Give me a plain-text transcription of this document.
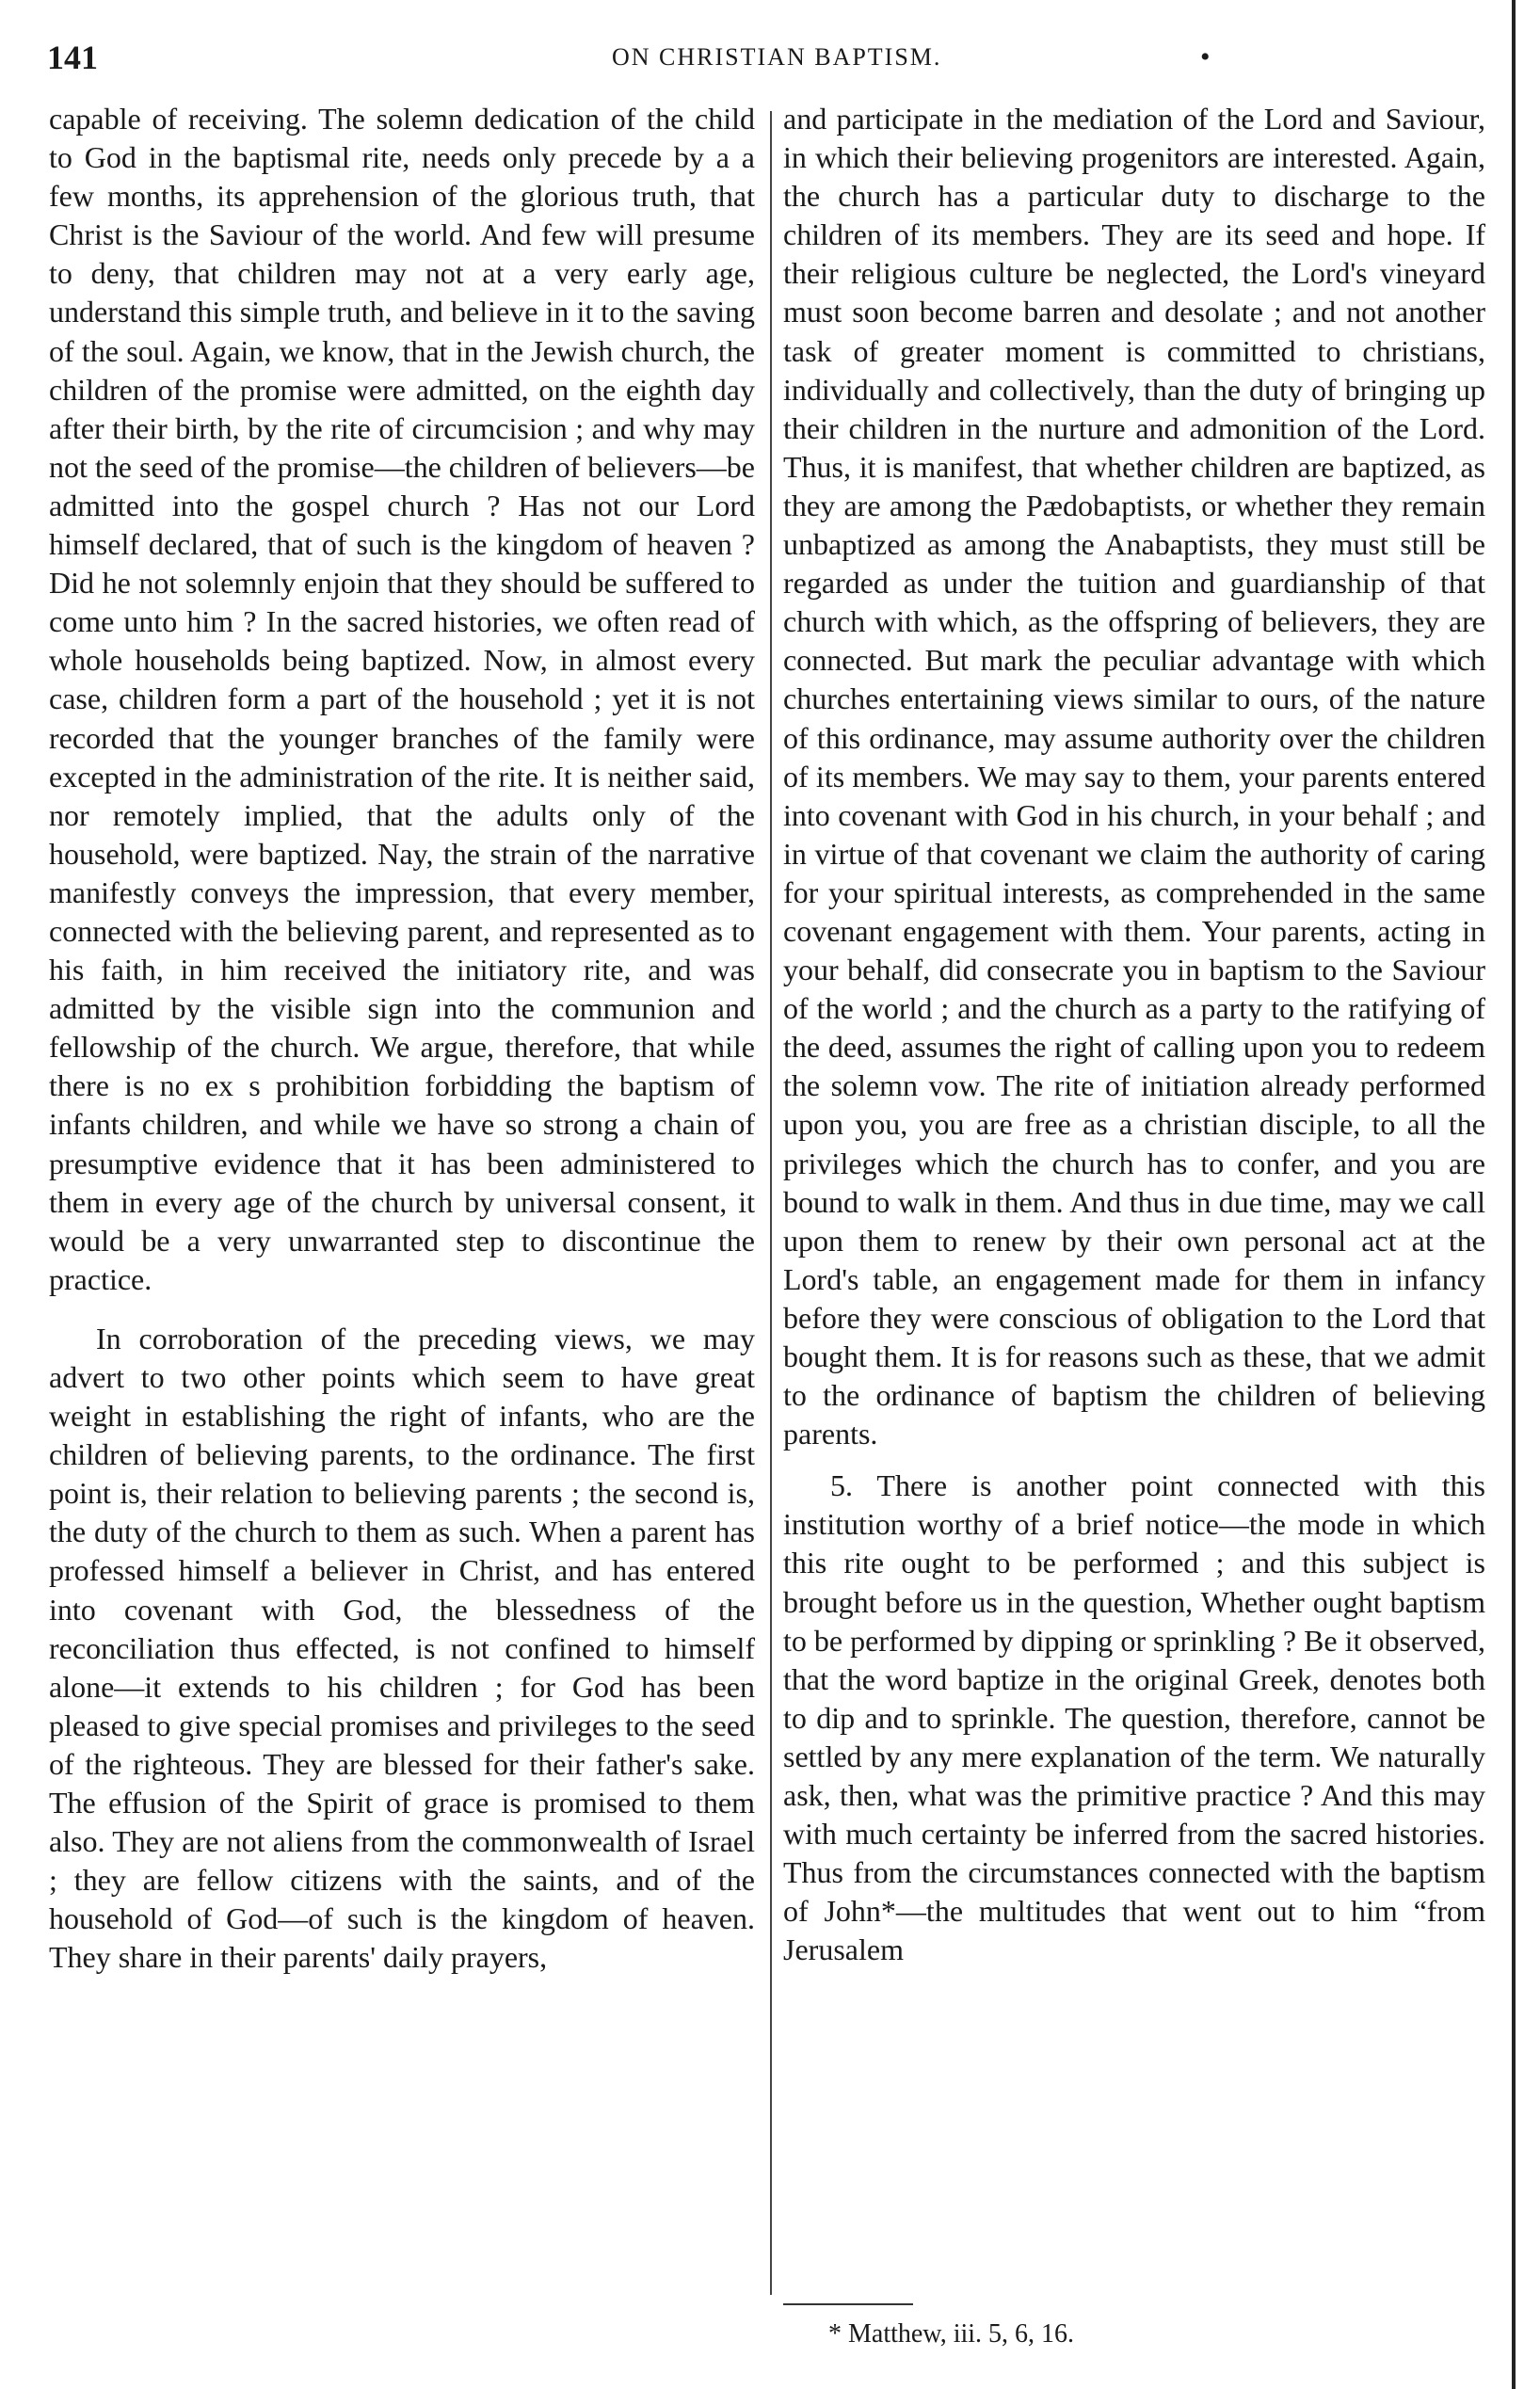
141	ON CHRISTIAN BAPTISM.	•

capable of receiving. The solemn dedication of the child to God in the baptismal rite, needs only precede by a a few months, its apprehension of the glorious truth, that Christ is the Saviour of the world. And few will presume to deny, that children may not at a very early age, understand this simple truth, and believe in it to the saving of the soul. Again, we know, that in the Jewish church, the children of the promise were admitted, on the eighth day after their birth, by the rite of circumcision ; and why may not the seed of the promise—the children of believers—be admitted into the gospel church ? Has not our Lord himself declared, that of such is the kingdom of heaven ? Did he not solemnly enjoin that they should be suffered to come unto him ? In the sacred histories, we often read of whole households being baptized. Now, in almost every case, children form a part of the household ; yet it is not recorded that the younger branches of the family were excepted in the administration of the rite. It is neither said, nor remotely implied, that the adults only of the household, were baptized. Nay, the strain of the narrative manifestly conveys the impression, that every member, connected with the believing parent, and represented as to his faith, in him received the initiatory rite, and was admitted by the visible sign into the communion and fellowship of the church. We argue, therefore, that while there is no ex s prohibition forbidding the baptism of infants children, and while we have so strong a chain of presumptive evidence that it has been administered to them in every age of the church by universal consent, it would be a very unwarranted step to discontinue the practice.

In corroboration of the preceding views, we may advert to two other points which seem to have great weight in establishing the right of infants, who are the children of believing parents, to the ordinance. The first point is, their relation to believing parents ; the second is, the duty of the church to them as such. When a parent has professed himself a believer in Christ, and has entered into covenant with God, the blessedness of the reconciliation thus effected, is not confined to himself alone—it extends to his children ; for God has been pleased to give special promises and privileges to the seed of the righteous. They are blessed for their father's sake. The effusion of the Spirit of grace is promised to them also. They are not aliens from the commonwealth of Israel ; they are fellow citizens with the saints, and of the household of God—of such is the kingdom of heaven. They share in their parents' daily prayers,

and participate in the mediation of the Lord and Saviour, in which their believing progenitors are interested. Again, the church has a particular duty to discharge to the children of its members. They are its seed and hope. If their religious culture be neglected, the Lord's vineyard must soon become barren and desolate ; and not another task of greater moment is committed to christians, individually and collectively, than the duty of bringing up their children in the nurture and admonition of the Lord. Thus, it is manifest, that whether children are baptized, as they are among the Pædobaptists, or whether they remain unbaptized as among the Anabaptists, they must still be regarded as under the tuition and guardianship of that church with which, as the offspring of believers, they are connected. But mark the peculiar advantage with which churches entertaining views similar to ours, of the nature of this ordinance, may assume authority over the children of its members. We may say to them, your parents entered into covenant with God in his church, in your behalf ; and in virtue of that covenant we claim the authority of caring for your spiritual interests, as comprehended in the same covenant engagement with them. Your parents, acting in your behalf, did consecrate you in baptism to the Saviour of the world ; and the church as a party to the ratifying of the deed, assumes the right of calling upon you to redeem the solemn vow. The rite of initiation already performed upon you, you are free as a christian disciple, to all the privileges which the church has to confer, and you are bound to walk in them. And thus in due time, may we call upon them to renew by their own personal act at the Lord's table, an engagement made for them in infancy before they were conscious of obligation to the Lord that bought them. It is for reasons such as these, that we admit to the ordinance of baptism the children of believing parents.

5. There is another point connected with this institution worthy of a brief notice—the mode in which this rite ought to be performed ; and this subject is brought before us in the question, Whether ought baptism to be performed by dipping or sprinkling ? Be it observed, that the word baptize in the original Greek, denotes both to dip and to sprinkle. The question, therefore, cannot be settled by any mere explanation of the term. We naturally ask, then, what was the primitive practice ? And this may with much certainty be inferred from the sacred histories. Thus from the circumstances connected with the baptism of John*—the multitudes that went out to him “from Jerusalem

* Matthew, iii. 5, 6, 16.
